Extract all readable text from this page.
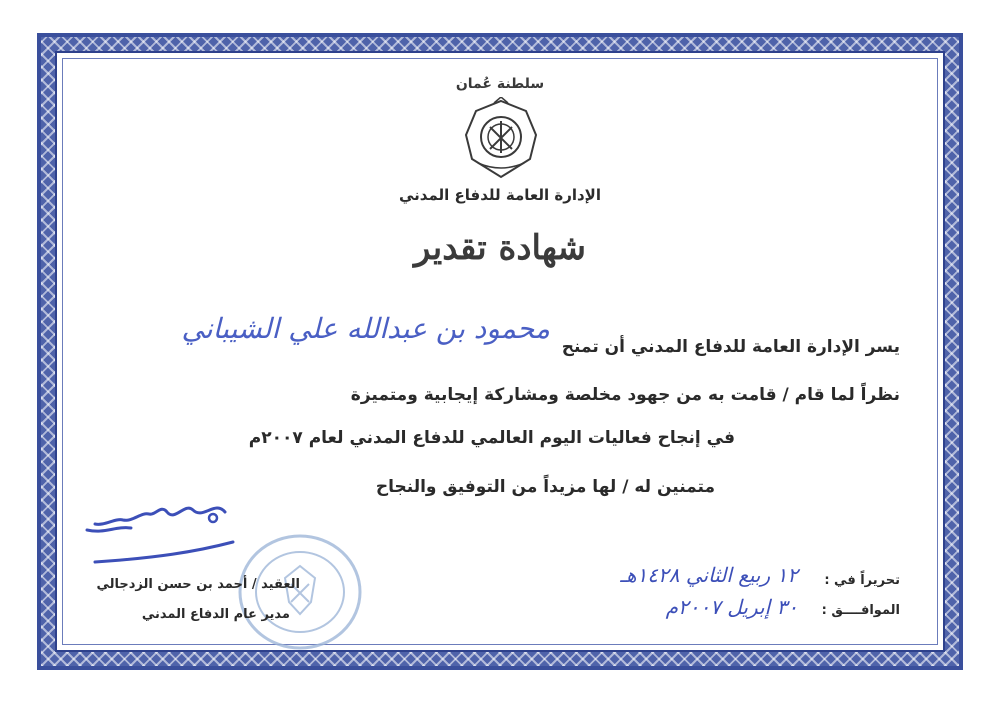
سلطنة عُمان
الإدارة العامة للدفاع المدني
شهادة تقدير
يسر الإدارة العامة للدفاع المدني أن تمنح
محمود بن عبدالله علي الشيباني
نظراً لما قام / قامت به من جهود مخلصة ومشاركة إيجابية ومتميزة
في إنجاح فعاليات اليوم العالمي للدفاع المدني لعام ٢٠٠٧م
متمنين له / لها مزيداً من التوفيق والنجاح
العقيد / أحمد بن حسن الزدجالي
مدير عام الدفاع المدني
تحريراً في :
١٢ ربيع الثاني ١٤٢٨هـ
الموافــــق :
٣٠ إبريل ٢٠٠٧م
